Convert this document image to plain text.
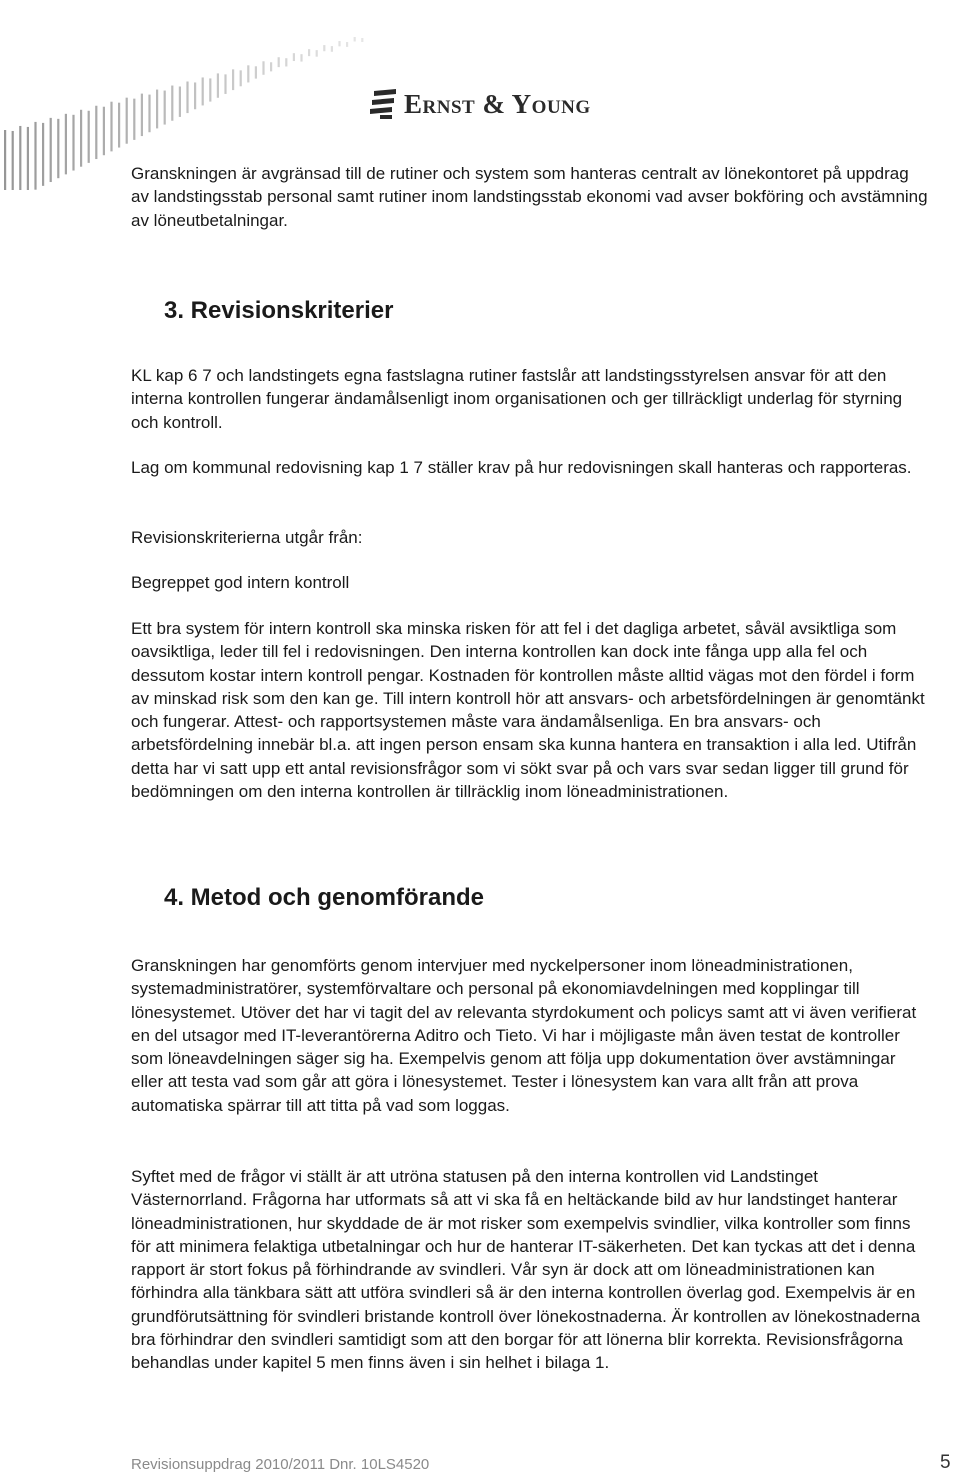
Ernst & Young

Granskningen är avgränsad till de rutiner och system som hanteras centralt av lönekontoret på uppdrag av landstingsstab personal samt rutiner inom landstingsstab ekonomi vad avser bokföring och avstämning av löneutbetalningar.

3. Revisionskriterier

KL kap 6 7 och landstingets egna fastslagna rutiner fastslår att landstingsstyrelsen ansvar för att den interna kontrollen fungerar ändamålsenligt inom organisationen och ger tillräckligt underlag för styrning och kontroll.

Lag om kommunal redovisning kap 1 7 ställer krav på hur redovisningen skall hanteras och rapporteras.

Revisionskriterierna utgår från:

Begreppet god intern kontroll

Ett bra system för intern kontroll ska minska risken för att fel i det dagliga arbetet, såväl avsiktliga som oavsiktliga, leder till fel i redovisningen. Den interna kontrollen kan dock inte fånga upp alla fel och dessutom kostar intern kontroll pengar. Kostnaden för kontrollen måste alltid vägas mot den fördel i form av minskad risk som den kan ge. Till intern kontroll hör att ansvars- och arbetsfördelningen är genomtänkt och fungerar. Attest- och rapportsystemen måste vara ändamålsenliga. En bra ansvars- och arbetsfördelning innebär bl.a. att ingen person ensam ska kunna hantera en transaktion i alla led. Utifrån detta har vi satt upp ett antal revisionsfrågor som vi sökt svar på och vars svar sedan ligger till grund för bedömningen om den interna kontrollen är tillräcklig inom löneadministrationen.

4. Metod och genomförande

Granskningen har genomförts genom intervjuer med nyckelpersoner inom löneadministrationen, systemadministratörer, systemförvaltare och personal på ekonomiavdelningen med kopplingar till lönesystemet. Utöver det har vi tagit del av relevanta styrdokument och policys samt att vi även verifierat en del utsagor med IT-leverantörerna Aditro och Tieto. Vi har i möjligaste mån även testat de kontroller som löneavdelningen säger sig ha. Exempelvis genom att följa upp dokumentation över avstämningar eller att testa vad som går att göra i lönesystemet. Tester i lönesystem kan vara allt från att prova automatiska spärrar till att titta på vad som loggas.

Syftet med de frågor vi ställt är att utröna statusen på den interna kontrollen vid Landstinget Västernorrland. Frågorna har utformats så att vi ska få en heltäckande bild av hur landstinget hanterar löneadministrationen, hur skyddade de är mot risker som exempelvis svindlier, vilka kontroller som finns för att minimera felaktiga utbetalningar och hur de hanterar IT-säkerheten. Det kan tyckas att det i denna rapport är stort fokus på förhindrande av svindleri. Vår syn är dock att om löneadministrationen kan förhindra alla tänkbara sätt att utföra svindleri så är den interna kontrollen överlag god. Exempelvis är en grundförutsättning för svindleri bristande kontroll över lönekostnaderna. Är kontrollen av lönekostnaderna bra förhindrar den svindleri samtidigt som att den borgar för att lönerna blir korrekta. Revisionsfrågorna behandlas under kapitel 5 men finns även i sin helhet i bilaga 1.

Revisionsuppdrag 2010/2011 Dnr. 10LS4520	5
